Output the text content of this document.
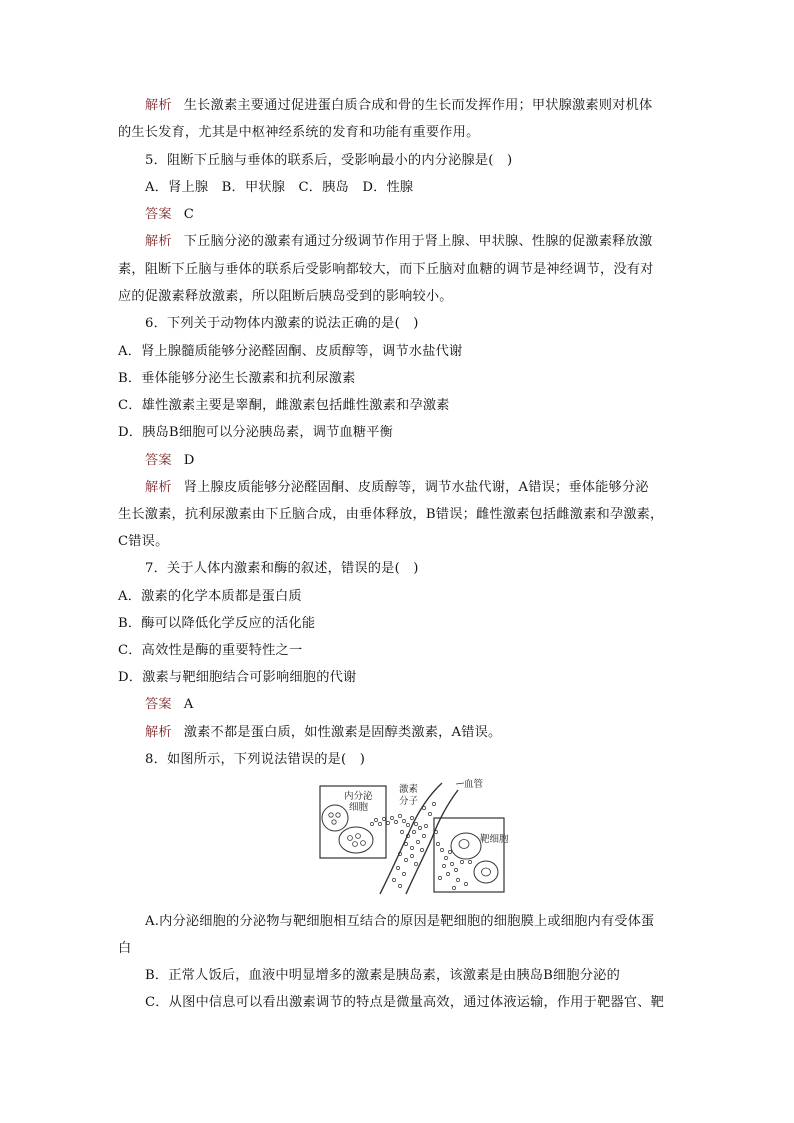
解析 生长激素主要通过促进蛋白质合成和骨的生长而发挥作用；甲状腺激素则对机体
的生长发育，尤其是中枢神经系统的发育和功能有重要作用。
5．阻断下丘脑与垂体的联系后，受影响最小的内分泌腺是(　)
A．肾上腺　B．甲状腺　C．胰岛　D．性腺
答案 C
解析 下丘脑分泌的激素有通过分级调节作用于肾上腺、甲状腺、性腺的促激素释放激
素，阻断下丘脑与垂体的联系后受影响都较大，而下丘脑对血糖的调节是神经调节，没有对
应的促激素释放激素，所以阻断后胰岛受到的影响较小。
6．下列关于动物体内激素的说法正确的是(　)
A．肾上腺髓质能够分泌醛固酮、皮质醇等，调节水盐代谢
B．垂体能够分泌生长激素和抗利尿激素
C．雄性激素主要是睾酮，雌激素包括雌性激素和孕激素
D．胰岛B细胞可以分泌胰岛素，调节血糖平衡
答案 D
解析 肾上腺皮质能够分泌醛固酮、皮质醇等，调节水盐代谢，A错误；垂体能够分泌
生长激素，抗利尿激素由下丘脑合成，由垂体释放，B错误；雌性激素包括雌激素和孕激素，
C错误。
7．关于人体内激素和酶的叙述，错误的是(　)
A．激素的化学本质都是蛋白质
B．酶可以降低化学反应的活化能
C．高效性是酶的重要特性之一
D．激素与靶细胞结合可影响细胞的代谢
答案 A
解析 激素不都是蛋白质，如性激素是固醇类激素，A错误。
8．如图所示，下列说法错误的是(　)
内分泌
细胞
激素
分子
血管
靶细胞
A.内分泌细胞的分泌物与靶细胞相互结合的原因是靶细胞的细胞膜上或细胞内有受体蛋
白
B．正常人饭后，血液中明显增多的激素是胰岛素，该激素是由胰岛B细胞分泌的
C．从图中信息可以看出激素调节的特点是微量高效，通过体液运输，作用于靶器官、靶
